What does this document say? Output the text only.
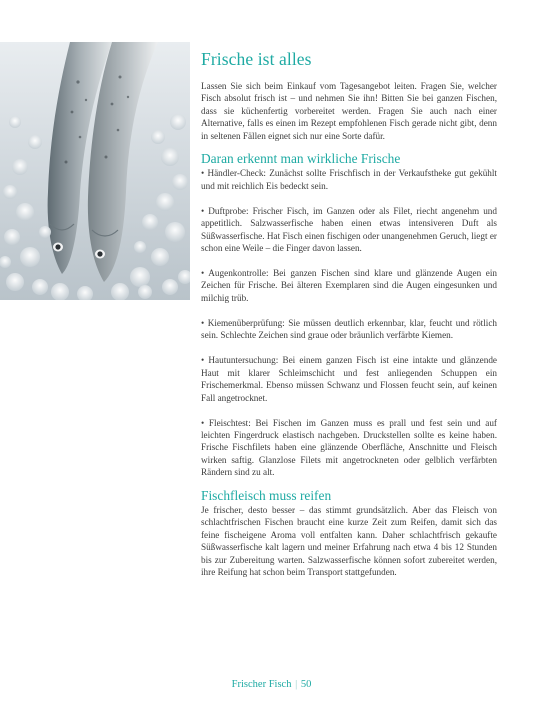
Frische ist alles

Lassen Sie sich beim Einkauf vom Tagesangebot leiten. Fragen Sie, welcher Fisch absolut frisch ist – und nehmen Sie ihn! Bitten Sie bei ganzen Fischen, dass sie küchenfertig vorbereitet werden. Fragen Sie auch nach einer Alternative, falls es einen im Rezept empfohlenen Fisch gerade nicht gibt, denn in seltenen Fällen eignet sich nur eine Sorte dafür.

Daran erkennt man wirkliche Frische

• Händler-Check: Zunächst sollte Frischfisch in der Verkaufstheke gut gekühlt und mit reichlich Eis bedeckt sein.

• Duftprobe: Frischer Fisch, im Ganzen oder als Filet, riecht angenehm und appetitlich. Salzwasserfische haben einen etwas intensiveren Duft als Süßwasserfische. Hat Fisch einen fischigen oder unangenehmen Geruch, liegt er schon eine Weile – die Finger davon lassen.

• Augenkontrolle: Bei ganzen Fischen sind klare und glänzende Augen ein Zeichen für Frische. Bei älteren Exemplaren sind die Augen eingesunken und milchig trüb.

• Kiemenüberprüfung: Sie müssen deutlich erkennbar, klar, feucht und rötlich sein. Schlechte Zeichen sind graue oder bräunlich verfärbte Kiemen.

• Hautuntersuchung: Bei einem ganzen Fisch ist eine intakte und glänzende Haut mit klarer Schleimschicht und fest anliegenden Schuppen ein Frischemerkmal. Ebenso müssen Schwanz und Flossen feucht sein, auf keinen Fall angetrocknet.

• Fleischtest: Bei Fischen im Ganzen muss es prall und fest sein und auf leichten Fingerdruck elastisch nachgeben. Druckstellen sollte es keine haben. Frische Fischfilets haben eine glänzende Oberfläche, Anschnitte und Fleisch wirken saftig. Glanzlose Filets mit angetrockneten oder gelblich verfärbten Rändern sind zu alt.

Fischfleisch muss reifen

Je frischer, desto besser – das stimmt grundsätzlich. Aber das Fleisch von schlachtfrischen Fischen braucht eine kurze Zeit zum Reifen, damit sich das feine fischeigene Aroma voll entfalten kann. Daher schlachtfrisch gekaufte Süßwasserfische kalt lagern und meiner Erfahrung nach etwa 4 bis 12 Stunden bis zur Zubereitung warten. Salzwasserfische können sofort zubereitet werden, ihre Reifung hat schon beim Transport stattgefunden.

Frischer Fisch | 50
